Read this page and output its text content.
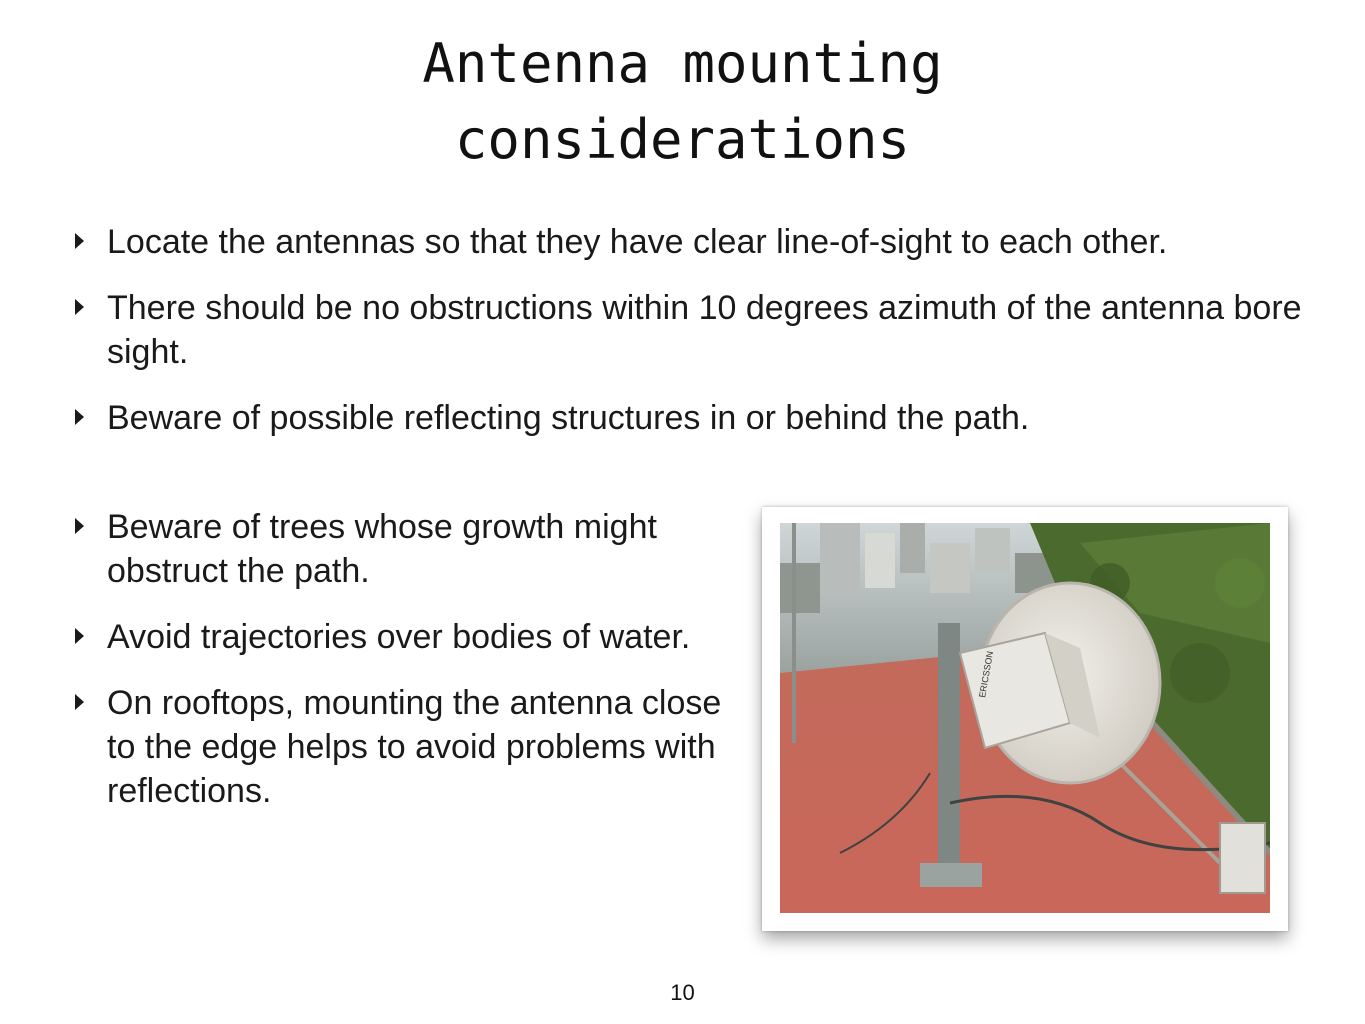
Antenna mounting
considerations
Locate the antennas so that they have clear line-of-sight to each other.
There should be no obstructions within 10 degrees azimuth of the antenna bore sight.
Beware of possible reflecting structures in or behind the path.
Beware of trees whose growth might obstruct the path.
Avoid trajectories over bodies of water.
On rooftops, mounting the antenna close to the edge helps to avoid problems with reflections.
ERICSSON
10
